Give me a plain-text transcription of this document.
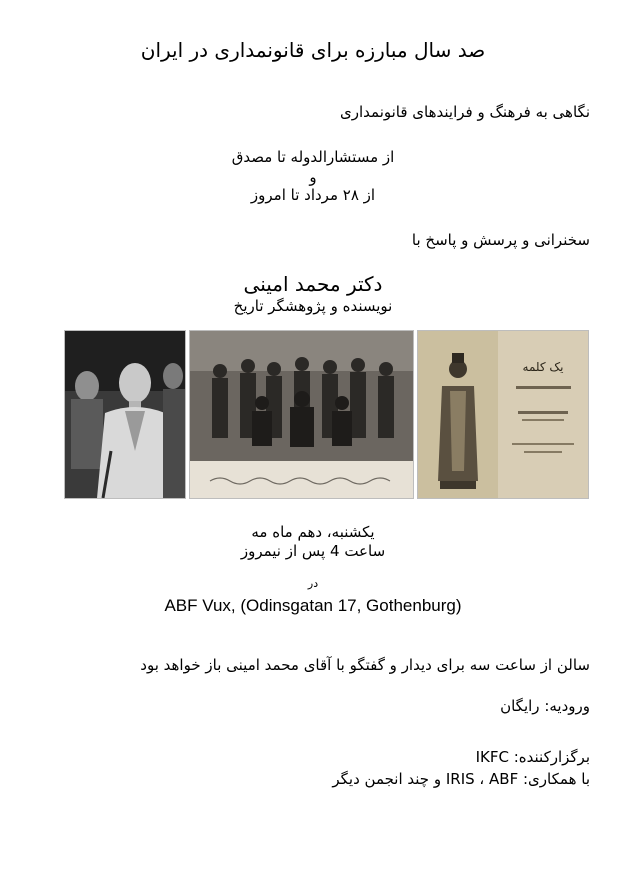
صد سال مبارزه برای قانونمداری در ایران
نگاهی به فرهنگ و فرایندهای قانونمداری
از مستشارالدوله تا مصدق
و
از ۲۸ مرداد تا امروز
سخنرانی و پرسش و پاسخ با
دکتر محمد امینی
نویسنده و پژوهشگر تاریخ
یک کلمه
یکشنبه، دهم ماه مه
ساعت 4 پس از نیمروز
در
ABF Vux, (Odinsgatan 17, Gothenburg)
سالن از ساعت سه برای دیدار و گفتگو با آقای محمد امینی باز خواهد بود
ورودیه: رایگان
برگزارکننده: IKFC
با همکاری: IRIS ، ABF و چند انجمن دیگر
